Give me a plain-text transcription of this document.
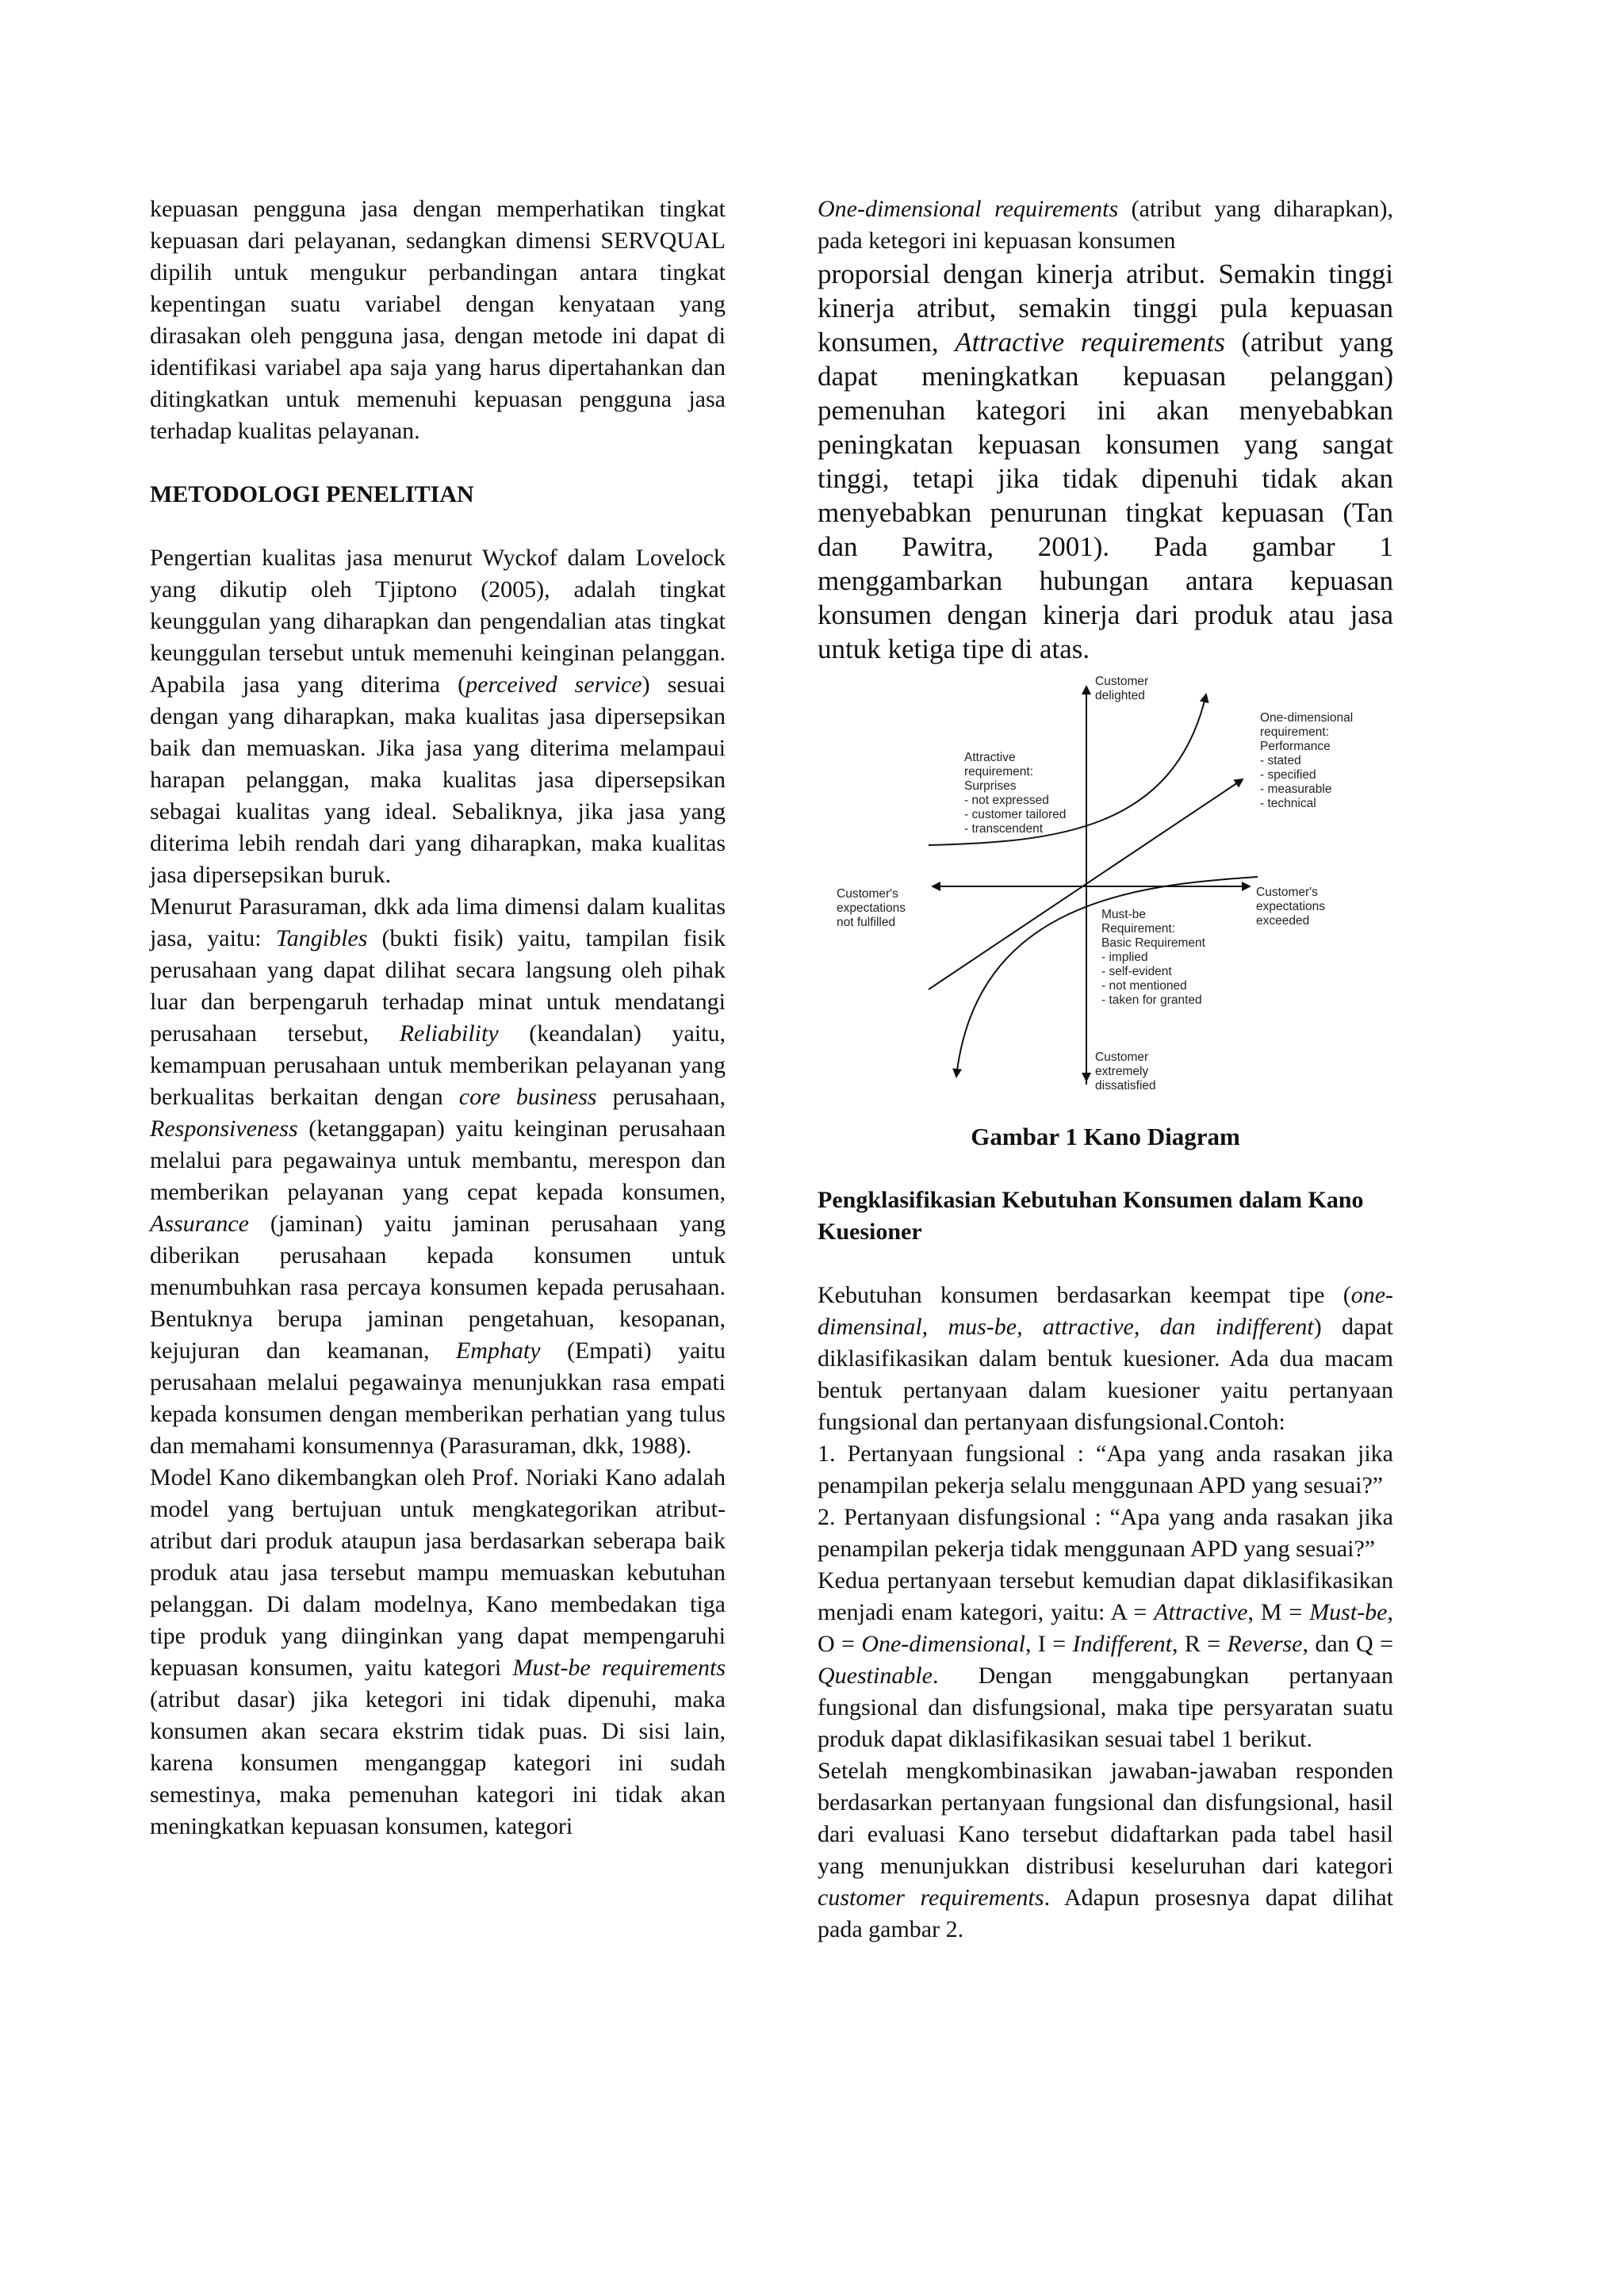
kepuasan pengguna jasa dengan memperhatikan tingkat kepuasan dari pelayanan, sedangkan dimensi SERVQUAL dipilih untuk mengukur perbandingan antara tingkat kepentingan suatu variabel dengan kenyataan yang dirasakan oleh pengguna jasa, dengan metode ini dapat di identifikasi variabel apa saja yang harus dipertahankan dan ditingkatkan untuk memenuhi kepuasan pengguna jasa terhadap kualitas pelayanan.

METODOLOGI PENELITIAN

Pengertian kualitas jasa menurut Wyckof dalam Lovelock yang dikutip oleh Tjiptono (2005), adalah tingkat keunggulan yang diharapkan dan pengendalian atas tingkat keunggulan tersebut untuk memenuhi keinginan pelanggan. Apabila jasa yang diterima (perceived service) sesuai dengan yang diharapkan, maka kualitas jasa dipersepsikan baik dan memuaskan. Jika jasa yang diterima melampaui harapan pelanggan, maka kualitas jasa dipersepsikan sebagai kualitas yang ideal. Sebaliknya, jika jasa yang diterima lebih rendah dari yang diharapkan, maka kualitas jasa dipersepsikan buruk.

Menurut Parasuraman, dkk ada lima dimensi dalam kualitas jasa, yaitu: Tangibles (bukti fisik) yaitu, tampilan fisik perusahaan yang dapat dilihat secara langsung oleh pihak luar dan berpengaruh terhadap minat untuk mendatangi perusahaan tersebut, Reliability (keandalan) yaitu, kemampuan perusahaan untuk memberikan pelayanan yang berkualitas berkaitan dengan core business perusahaan, Responsiveness (ketanggapan) yaitu keinginan perusahaan melalui para pegawainya untuk membantu, merespon dan memberikan pelayanan yang cepat kepada konsumen, Assurance (jaminan) yaitu jaminan perusahaan yang diberikan perusahaan kepada konsumen untuk menumbuhkan rasa percaya konsumen kepada perusahaan. Bentuknya berupa jaminan pengetahuan, kesopanan, kejujuran dan keamanan, Emphaty (Empati) yaitu perusahaan melalui pegawainya menunjukkan rasa empati kepada konsumen dengan memberikan perhatian yang tulus dan memahami konsumennya (Parasuraman, dkk, 1988).

Model Kano dikembangkan oleh Prof. Noriaki Kano adalah model yang bertujuan untuk mengkategorikan atribut-atribut dari produk ataupun jasa berdasarkan seberapa baik produk atau jasa tersebut mampu memuaskan kebutuhan pelanggan. Di dalam modelnya, Kano membedakan tiga tipe produk yang diinginkan yang dapat mempengaruhi kepuasan konsumen, yaitu kategori Must-be requirements (atribut dasar) jika ketegori ini tidak dipenuhi, maka konsumen akan secara ekstrim tidak puas. Di sisi lain, karena konsumen menganggap kategori ini sudah semestinya, maka pemenuhan kategori ini tidak akan meningkatkan kepuasan konsumen, kategori

One-dimensional requirements (atribut yang diharapkan), pada ketegori ini kepuasan konsumen

proporsial dengan kinerja atribut. Semakin tinggi kinerja atribut, semakin tinggi pula kepuasan konsumen, Attractive requirements (atribut yang dapat meningkatkan kepuasan pelanggan) pemenuhan kategori ini akan menyebabkan peningkatan kepuasan konsumen yang sangat tinggi, tetapi jika tidak dipenuhi tidak akan menyebabkan penurunan tingkat kepuasan (Tan dan Pawitra, 2001). Pada gambar 1 menggambarkan hubungan antara kepuasan konsumen dengan kinerja dari produk atau jasa untuk ketiga tipe di atas.

Customer delighted
One-dimensional requirement: Performance - stated - specified - measurable - technical
Attractive requirement: Surprises - not expressed - customer tailored - transcendent
Customer's expectations not fulfilled
Customer's expectations exceeded
Must-be Requirement: Basic Requirement - implied - self-evident - not mentioned - taken for granted
Customer extremely dissatisfied

Gambar 1 Kano Diagram

Pengklasifikasian Kebutuhan Konsumen dalam Kano Kuesioner

Kebutuhan konsumen berdasarkan keempat tipe (one-dimensinal, mus-be, attractive, dan indifferent) dapat diklasifikasikan dalam bentuk kuesioner. Ada dua macam bentuk pertanyaan dalam kuesioner yaitu pertanyaan fungsional dan pertanyaan disfungsional.Contoh:

1. Pertanyaan fungsional : “Apa yang anda rasakan jika penampilan pekerja selalu menggunaan APD yang sesuai?”

2. Pertanyaan disfungsional : “Apa yang anda rasakan jika penampilan pekerja tidak menggunaan APD yang sesuai?”

Kedua pertanyaan tersebut kemudian dapat diklasifikasikan menjadi enam kategori, yaitu: A = Attractive, M = Must-be, O = One-dimensional, I = Indifferent, R = Reverse, dan Q = Questinable. Dengan menggabungkan pertanyaan fungsional dan disfungsional, maka tipe persyaratan suatu produk dapat diklasifikasikan sesuai tabel 1 berikut.

Setelah mengkombinasikan jawaban-jawaban responden berdasarkan pertanyaan fungsional dan disfungsional, hasil dari evaluasi Kano tersebut didaftarkan pada tabel hasil yang menunjukkan distribusi keseluruhan dari kategori customer requirements. Adapun prosesnya dapat dilihat pada gambar 2.
